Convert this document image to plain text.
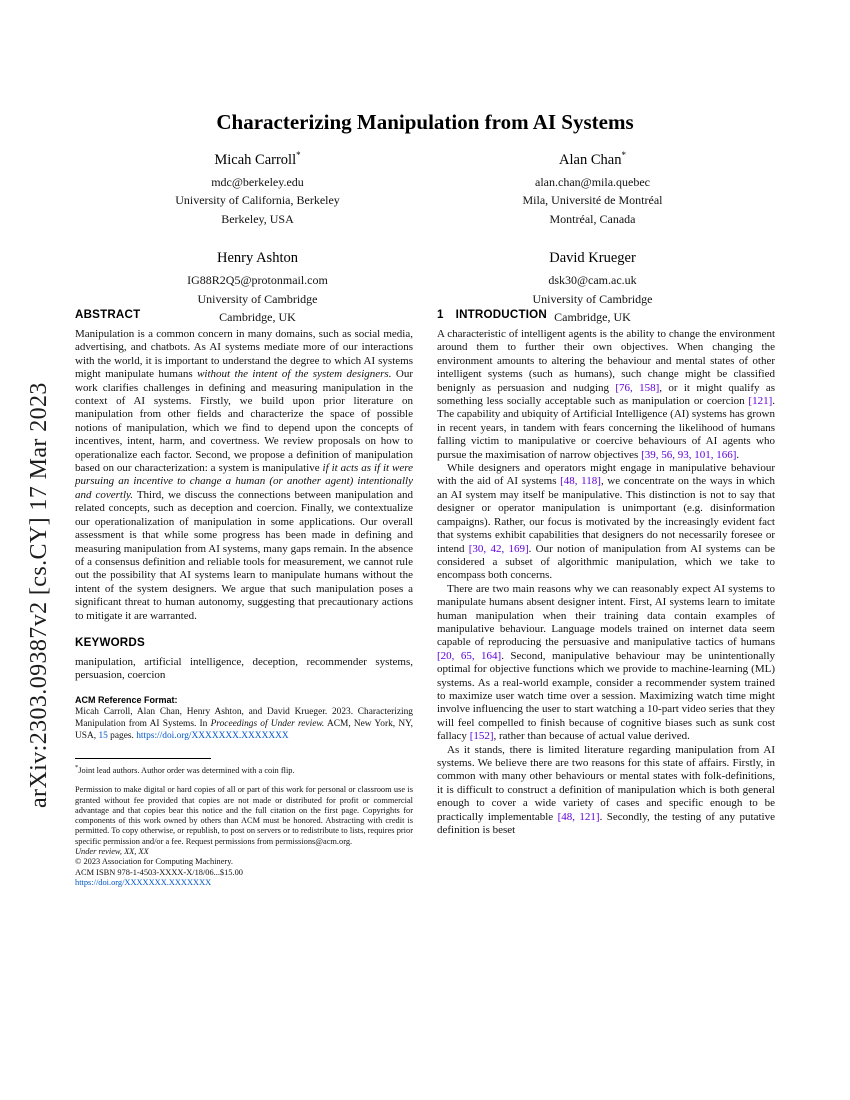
arXiv:2303.09387v2 [cs.CY] 17 Mar 2023
Characterizing Manipulation from AI Systems
Micah Carroll*
mdc@berkeley.edu
University of California, Berkeley
Berkeley, USA
Alan Chan*
alan.chan@mila.quebec
Mila, Université de Montréal
Montréal, Canada
Henry Ashton
IG88R2Q5@protonmail.com
University of Cambridge
Cambridge, UK
David Krueger
dsk30@cam.ac.uk
University of Cambridge
Cambridge, UK
ABSTRACT

Manipulation is a common concern in many domains, such as social media, advertising, and chatbots. As AI systems mediate more of our interactions with the world, it is important to understand the degree to which AI systems might manipulate humans without the intent of the system designers. Our work clarifies challenges in defining and measuring manipulation in the context of AI systems. Firstly, we build upon prior literature on manipulation from other fields and characterize the space of possible notions of manipulation, which we find to depend upon the concepts of incentives, intent, harm, and covertness. We review proposals on how to operationalize each factor. Second, we propose a definition of manipulation based on our characterization: a system is manipulative if it acts as if it were pursuing an incentive to change a human (or another agent) intentionally and covertly. Third, we discuss the connections between manipulation and related concepts, such as deception and coercion. Finally, we contextualize our operationalization of manipulation in some applications. Our overall assessment is that while some progress has been made in defining and measuring manipulation from AI systems, many gaps remain. In the absence of a consensus definition and reliable tools for measurement, we cannot rule out the possibility that AI systems learn to manipulate humans without the intent of the system designers. We argue that such manipulation poses a significant threat to human autonomy, suggesting that precautionary actions to mitigate it are warranted.

KEYWORDS

manipulation, artificial intelligence, deception, recommender systems, persuasion, coercion

ACM Reference Format:

Micah Carroll, Alan Chan, Henry Ashton, and David Krueger. 2023. Characterizing Manipulation from AI Systems. In Proceedings of Under review. ACM, New York, NY, USA, 15 pages. https://doi.org/XXXXXXX.XXXXXXX

*Joint lead authors. Author order was determined with a coin flip.

Permission to make digital or hard copies of all or part of this work for personal or classroom use is granted without fee provided that copies are not made or distributed for profit or commercial advantage and that copies bear this notice and the full citation on the first page. Copyrights for components of this work owned by others than ACM must be honored. Abstracting with credit is permitted. To copy otherwise, or republish, to post on servers or to redistribute to lists, requires prior specific permission and/or a fee. Request permissions from permissions@acm.org.

Under review, XX, XX

© 2023 Association for Computing Machinery.

ACM ISBN 978-1-4503-XXXX-X/18/06...$15.00

https://doi.org/XXXXXXX.XXXXXXX

1 INTRODUCTION

A characteristic of intelligent agents is the ability to change the environment around them to further their own objectives. When changing the environment amounts to altering the behaviour and mental states of other intelligent systems (such as humans), such change might be classified benignly as persuasion and nudging [76, 158], or it might qualify as something less socially acceptable such as manipulation or coercion [121]. The capability and ubiquity of Artificial Intelligence (AI) systems has grown in recent years, in tandem with fears concerning the likelihood of humans falling victim to manipulative or coercive behaviours of AI agents who pursue the maximisation of narrow objectives [39, 56, 93, 101, 166].

While designers and operators might engage in manipulative behaviour with the aid of AI systems [48, 118], we concentrate on the ways in which an AI system may itself be manipulative. This distinction is not to say that designer or operator manipulation is unimportant (e.g. disinformation campaigns). Rather, our focus is motivated by the increasingly evident fact that systems exhibit capabilities that designers do not necessarily foresee or intend [30, 42, 169]. Our notion of manipulation from AI systems can be considered a subset of algorithmic manipulation, which we take to encompass both concerns.

There are two main reasons why we can reasonably expect AI systems to manipulate humans absent designer intent. First, AI systems learn to imitate human manipulation when their training data contain examples of manipulative behaviour. Language models trained on internet data seem capable of reproducing the persuasive and manipulative tactics of humans [20, 65, 164]. Second, manipulative behaviour may be unintentionally optimal for objective functions which we provide to machine-learning (ML) systems. As a real-world example, consider a recommender system trained to maximize user watch time over a session. Maximizing watch time might involve influencing the user to start watching a 10-part video series that they will feel compelled to finish because of cognitive biases such as sunk cost fallacy [152], rather than because of actual value derived.

As it stands, there is limited literature regarding manipulation from AI systems. We believe there are two reasons for this state of affairs. Firstly, in common with many other behaviours or mental states with folk-definitions, it is difficult to construct a definition of manipulation which is both general enough to cover a wide variety of cases and specific enough to be practically implementable [48, 121]. Secondly, the testing of any putative definition is beset
